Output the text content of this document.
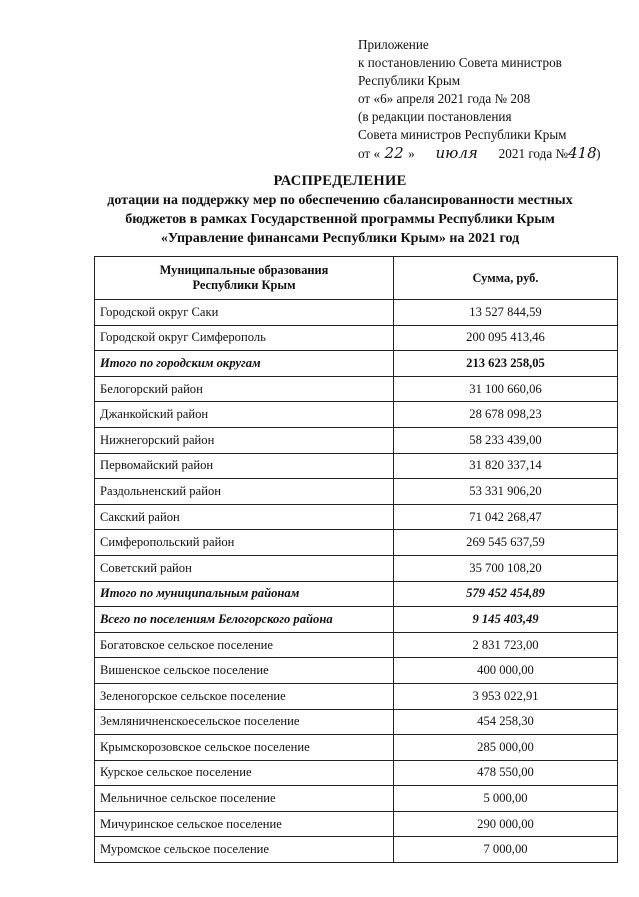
Приложение
к постановлению Совета министров
Республики Крым
от «6» апреля 2021 года № 208
(в редакции постановления
Совета министров Республики Крым
от « 22 » июля 2021 года №418)
РАСПРЕДЕЛЕНИЕ
дотации на поддержку мер по обеспечению сбалансированности местных
бюджетов в рамках Государственной программы Республики Крым
«Управление финансами Республики Крым» на 2021 год
Муниципальные образования
Республики Крым	Сумма, руб.
Городской округ Саки	13 527 844,59
Городской округ Симферополь	200 095 413,46
Итого по городским округам	213 623 258,05
Белогорский район	31 100 660,06
Джанкойский район	28 678 098,23
Нижнегорский район	58 233 439,00
Первомайский район	31 820 337,14
Раздольненский район	53 331 906,20
Сакский район	71 042 268,47
Симферопольский район	269 545 637,59
Советский район	35 700 108,20
Итого по муниципальным районам	579 452 454,89
Всего по поселениям Белогорского района	9 145 403,49
Богатовское сельское поселение	2 831 723,00
Вишенское сельское поселение	400 000,00
Зеленогорское сельское поселение	3 953 022,91
Земляничненскоесельское поселение	454 258,30
Крымскорозовское сельское поселение	285 000,00
Курское сельское поселение	478 550,00
Мельничное сельское поселение	5 000,00
Мичуринское сельское поселение	290 000,00
Муромское сельское поселение	7 000,00
